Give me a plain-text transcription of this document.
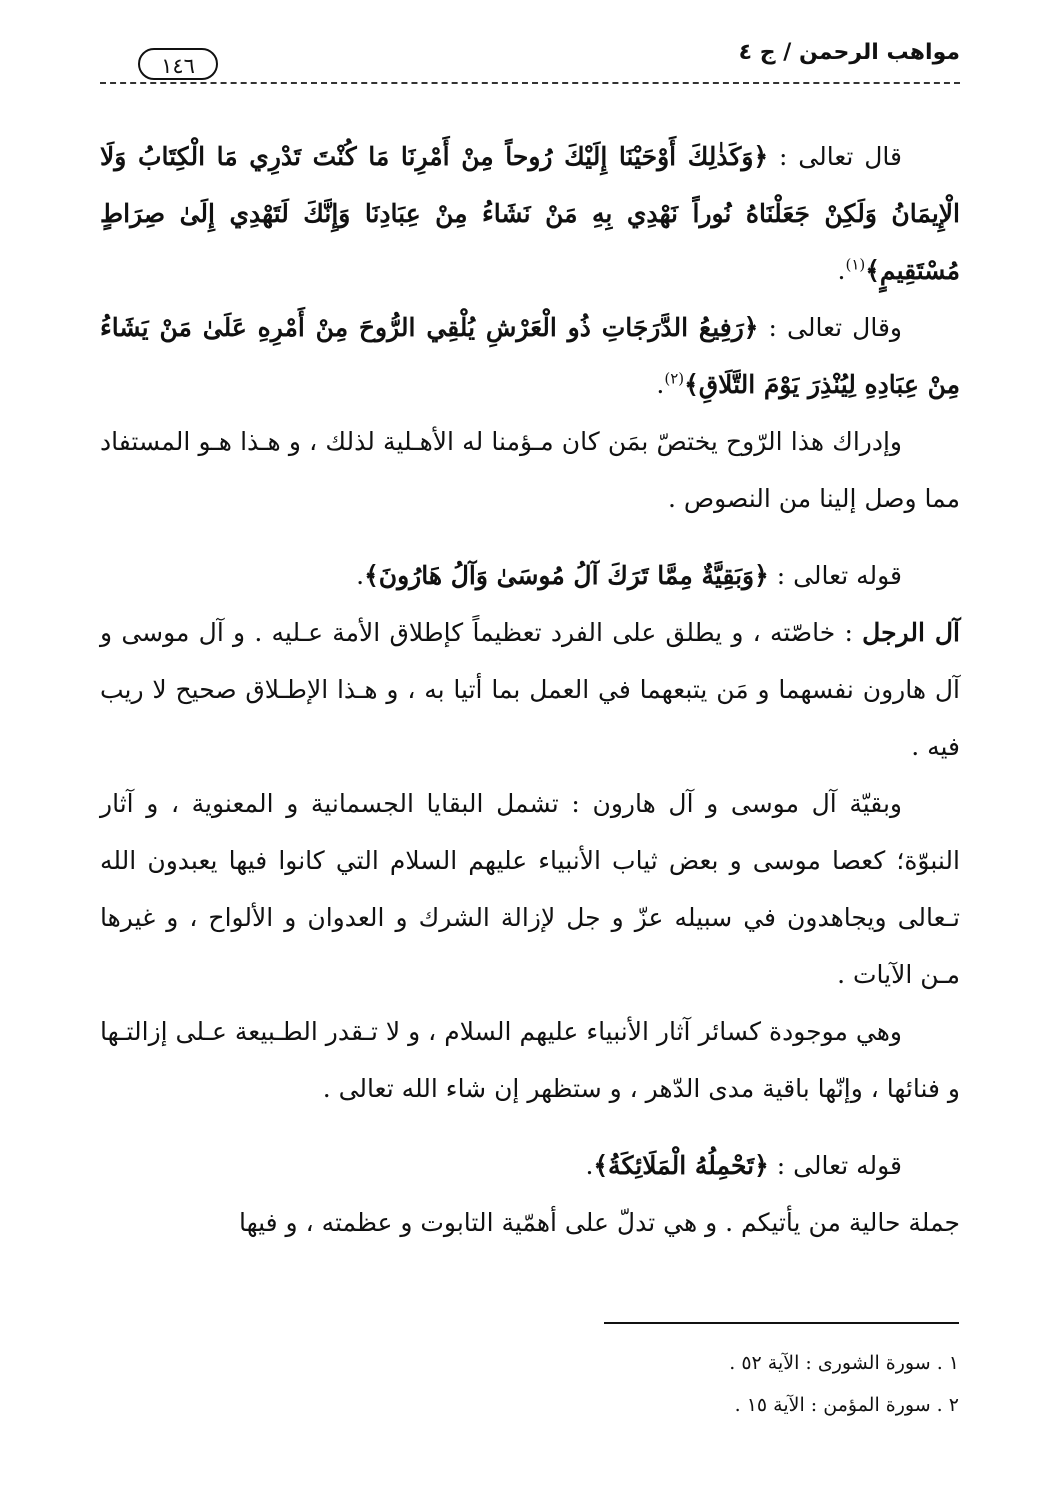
مواهب الرحمن / ج ٤
١٤٦

قال تعالى : ﴿وَكَذٰلِكَ أَوْحَيْنَا إِلَيْكَ رُوحاً مِنْ أَمْرِنَا مَا كُنْتَ تَدْرِي مَا الْكِتَابُ وَلَا الْإِيمَانُ وَلَكِنْ جَعَلْنَاهُ نُوراً نَهْدِي بِهِ مَنْ نَشَاءُ مِنْ عِبَادِنَا وَإِنَّكَ لَتَهْدِي إِلَىٰ صِرَاطٍ مُسْتَقِيمٍ﴾$^{(١)}$.

وقال تعالى : ﴿رَفِيعُ الدَّرَجَاتِ ذُو الْعَرْشِ يُلْقِي الرُّوحَ مِنْ أَمْرِهِ عَلَىٰ مَنْ يَشَاءُ مِنْ عِبَادِهِ لِيُنْذِرَ يَوْمَ التَّلَاقِ﴾$^{(٢)}$.

وإدراك هذا الرّوح يختصّ بمَن كان مـؤمنا له الأهـلية لذلك ، و هـذا هـو المستفاد مما وصل إلينا من النصوص .

قوله تعالى : ﴿وَبَقِيَّةٌ مِمَّا تَرَكَ آلُ مُوسَىٰ وَآلُ هَارُونَ﴾.

آل الرجل : خاصّته ، و يطلق على الفرد تعظيماً كإطلاق الأمة عـليه . و آل موسى و آل هارون نفسهما و مَن يتبعهما في العمل بما أتيا به ، و هـذا الإطـلاق صحيح لا ريب فيه .

وبقيّة آل موسى و آل هارون : تشمل البقايا الجسمانية و المعنوية ، و آثار النبوّة؛ كعصا موسى و بعض ثياب الأنبياء عليهم السلام التي كانوا فيها يعبدون الله تـعالى ويجاهدون في سبيله عزّ و جل لإزالة الشرك و العدوان و الألواح ، و غيرها مـن الآيات .

وهي موجودة كسائر آثار الأنبياء عليهم السلام ، و لا تـقدر الطـبيعة عـلى إزالتـها و فنائها ، وإنّها باقية مدى الدّهر ، و ستظهر إن شاء الله تعالى .

قوله تعالى : ﴿تَحْمِلُهُ الْمَلَائِكَةُ﴾.

جملة حالية من يأتيكم . و هي تدلّ على أهمّية التابوت و عظمته ، و فيها

١ . سورة الشورى : الآية ٥٢ .

٢ . سورة المؤمن : الآية ١٥ .
